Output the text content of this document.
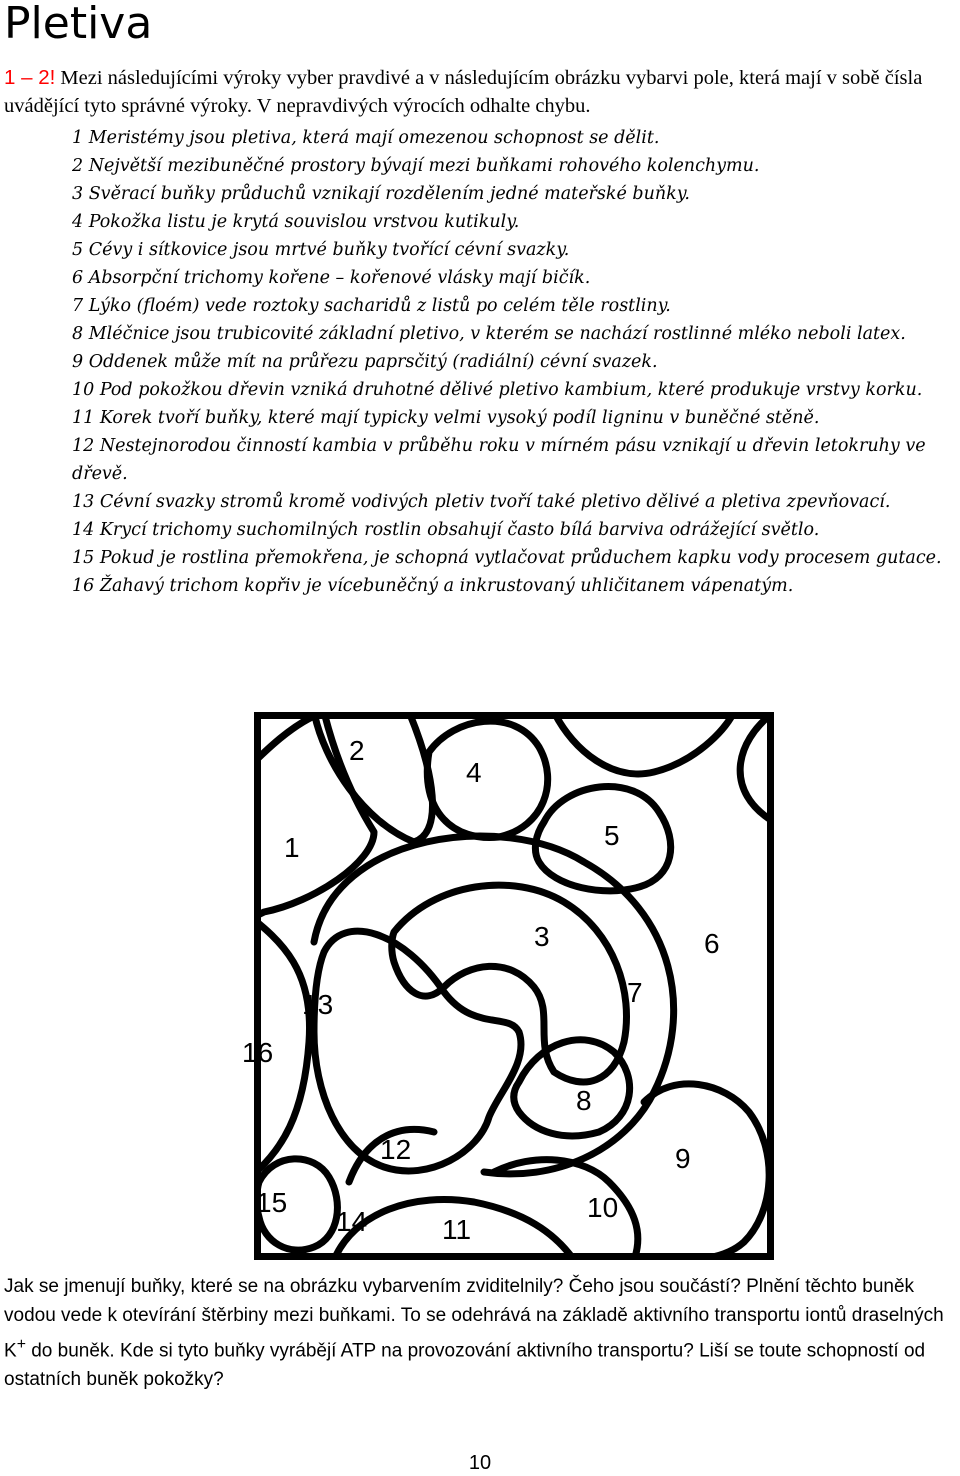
Pletiva
1 – 2! Mezi následujícími výroky vyber pravdivé a v následujícím obrázku vybarvi pole, která mají v sobě čísla uvádějící tyto správné výroky. V nepravdivých výrocích odhalte chybu.

1 Meristémy jsou pletiva, která mají omezenou schopnost se dělit.

2 Největší mezibuněčné prostory bývají mezi buňkami rohového kolenchymu.

3 Svěrací buňky průduchů vznikají rozdělením jedné mateřské buňky.

4 Pokožka listu je krytá souvislou vrstvou kutikuly.

5 Cévy i sítkovice jsou mrtvé buňky tvořící cévní svazky.

6 Absorpční trichomy kořene – kořenové vlásky mají bičík.

7 Lýko (floém) vede roztoky sacharidů z listů po celém těle rostliny.

8 Mléčnice jsou trubicovité základní pletivo, v kterém se nachází rostlinné mléko neboli latex.

9 Oddenek může mít na průřezu paprsčitý (radiální) cévní svazek.

10 Pod pokožkou dřevin vzniká druhotné dělivé pletivo kambium, které produkuje vrstvy korku.

11 Korek tvoří buňky, které mají typicky velmi vysoký podíl ligninu v buněčné stěně.

12 Nestejnorodou činností kambia v průběhu roku v mírném pásu vznikají u dřevin letokruhy ve dřevě.

13 Cévní svazky stromů kromě vodivých pletiv tvoří také pletivo dělivé a pletiva zpevňovací.

14 Krycí trichomy suchomilných rostlin obsahují často bílá barviva odrážející světlo.

15 Pokud je rostlina přemokřena, je schopná vytlačovat průduchem kapku vody procesem gutace.

16 Žahavý trichom kopřiv je vícebuněčný a inkrustovaný uhličitanem vápenatým.

1
2
3
4
5
6
7
8
9
10
11
12
13
14
15
16
Jak se jmenují buňky, které se na obrázku vybarvením zviditelnily? Čeho jsou součástí? Plnění těchto buněk vodou vede k otevírání štěrbiny mezi buňkami. To se odehrává na základě aktivního transportu iontů draselných K+ do buněk. Kde si tyto buňky vyrábějí ATP na provozování aktivního transportu? Liší se toute schopností od ostatních buněk pokožky?
10
